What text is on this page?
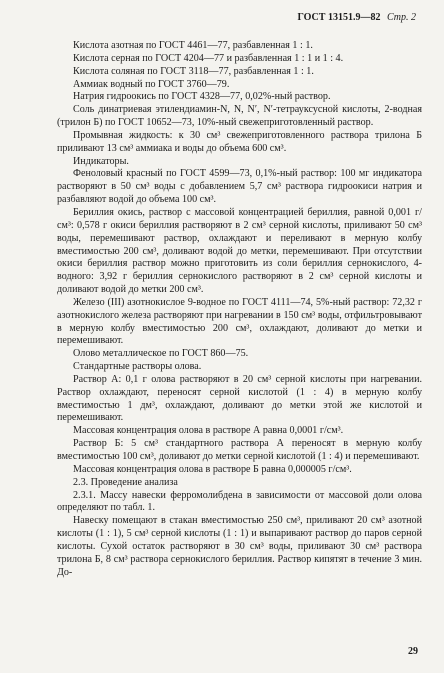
ГОСТ 13151.9—82 Стр. 2

Кислота азотная по ГОСТ 4461—77, разбавленная 1 : 1.

Кислота серная по ГОСТ 4204—77 и разбавленная 1 : 1 и 1 : 4.

Кислота соляная по ГОСТ 3118—77, разбавленная 1 : 1.

Аммиак водный по ГОСТ 3760—79.

Натрия гидроокись по ГОСТ 4328—77, 0,02%-ный раствор.

Соль динатриевая этилендиамин-N, N, N′, N′-тетрауксусной кислоты, 2-водная (трилон Б) по ГОСТ 10652—73, 10%-ный свежеприготовленный раствор.

Промывная жидкость: к 30 см³ свежеприготовленного раствора трилона Б приливают 13 см³ аммиака и воды до объема 600 см³.

Индикаторы.

Феноловый красный по ГОСТ 4599—73, 0,1%-ный раствор: 100 мг индикатора растворяют в 50 см³ воды с добавлением 5,7 см³ раствора гидроокиси натрия и разбавляют водой до объема 100 см³.

Бериллия окись, раствор с массовой концентрацией бериллия, равной 0,001 г/см³: 0,578 г окиси бериллия растворяют в 2 см³ серной кислоты, приливают 50 см³ воды, перемешивают раствор, охлаждают и переливают в мерную колбу вместимостью 200 см³, доливают водой до метки, перемешивают. При отсутствии окиси бериллия раствор можно приготовить из соли бериллия сернокислого, 4-водного: 3,92 г бериллия сернокислого растворяют в 2 см³ серной кислоты и доливают водой до метки 200 см³.

Железо (III) азотнокислое 9-водное по ГОСТ 4111—74, 5%-ный раствор: 72,32 г азотнокислого железа растворяют при нагревании в 150 см³ воды, отфильтровывают в мерную колбу вместимостью 200 см³, охлаждают, доливают до метки и перемешивают.

Олово металлическое по ГОСТ 860—75.

Стандартные растворы олова.

Раствор А: 0,1 г олова растворяют в 20 см³ серной кислоты при нагревании. Раствор охлаждают, переносят серной кислотой (1 : 4) в мерную колбу вместимостью 1 дм³, охлаждают, доливают до метки этой же кислотой и перемешивают.

Массовая концентрация олова в растворе А равна 0,0001 г/см³.

Раствор Б: 5 см³ стандартного раствора А переносят в мерную колбу вместимостью 100 см³, доливают до метки серной кислотой (1 : 4) и перемешивают.

Массовая концентрация олова в растворе Б равна 0,000005 г/см³.

2.3. Проведение анализа

2.3.1. Массу навески ферромолибдена в зависимости от массовой доли олова определяют по табл. 1.

Навеску помещают в стакан вместимостью 250 см³, приливают 20 см³ азотной кислоты (1 : 1), 5 см³ серной кислоты (1 : 1) и выпаривают раствор до паров серной кислоты. Сухой остаток растворяют в 30 см³ воды, приливают 30 см³ раствора трилона Б, 8 см³ раствора сернокислого бериллия. Раствор кипятят в течение 3 мин. До-

29
